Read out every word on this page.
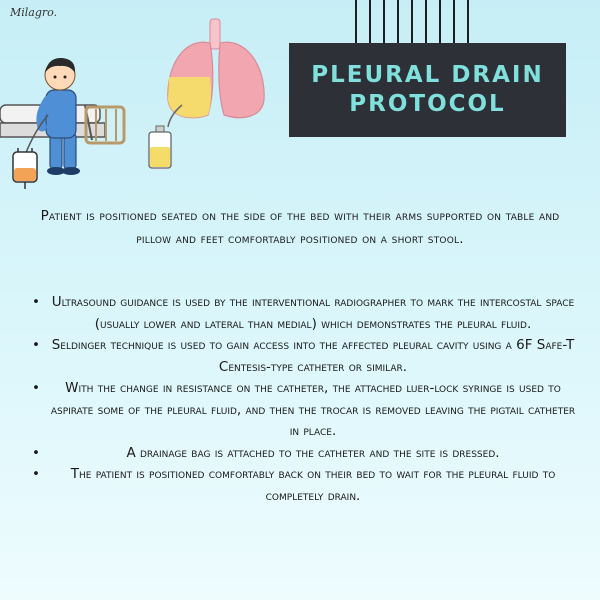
Milagro.
PLEURAL DRAIN
PROTOCOL
Patient is positioned seated on the side of the bed with their arms supported on table and pillow and feet comfortably positioned on a short stool.
• Ultrasound guidance is used by the interventional radiographer to mark the intercostal space (usually lower and lateral than medial) which demonstrates the pleural fluid.
• Seldinger technique is used to gain access into the affected pleural cavity using a 6F Safe-T Centesis-type catheter or similar.
• With the change in resistance on the catheter, the attached luer-lock syringe is used to aspirate some of the pleural fluid, and then the trocar is removed leaving the pigtail catheter in place.
•	A drainage bag is attached to the catheter and the site is dressed.
• The patient is positioned comfortably back on their bed to wait for the pleural fluid to completely drain.
